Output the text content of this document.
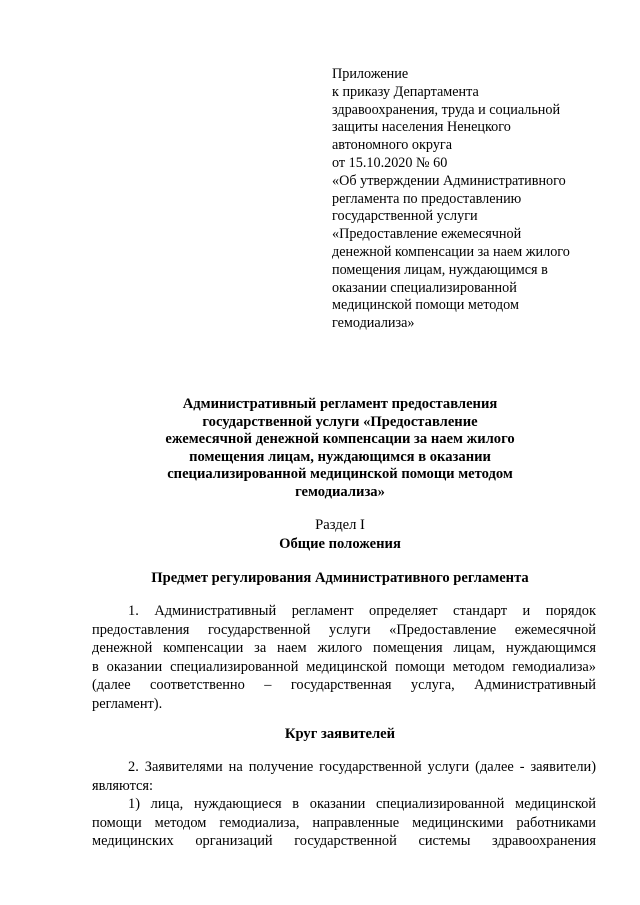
Приложение
к приказу Департамента
здравоохранения, труда и социальной
защиты населения Ненецкого
автономного округа
от 15.10.2020 № 60
«Об утверждении Административного
регламента по предоставлению
государственной услуги
«Предоставление ежемесячной
денежной компенсации за наем жилого
помещения лицам, нуждающимся в
оказании специализированной
медицинской помощи методом
гемодиализа»
Административный регламент предоставления
государственной услуги «Предоставление
ежемесячной денежной компенсации за наем жилого
помещения лицам, нуждающимся в оказании
специализированной медицинской помощи методом
гемодиализа»
Раздел I
Общие положения
Предмет регулирования Административного регламента
1. Административный регламент определяет стандарт и порядок
предоставления государственной услуги «Предоставление ежемесячной
денежной компенсации за наем жилого помещения лицам, нуждающимся
в оказании специализированной медицинской помощи методом гемодиализа»
(далее соответственно – государственная услуга, Административный
регламент).
Круг заявителей
2. Заявителями на получение государственной услуги (далее - заявители)
являются:
1) лица, нуждающиеся в оказании специализированной медицинской
помощи методом гемодиализа, направленные медицинскими работниками
медицинских организаций государственной системы здравоохранения
